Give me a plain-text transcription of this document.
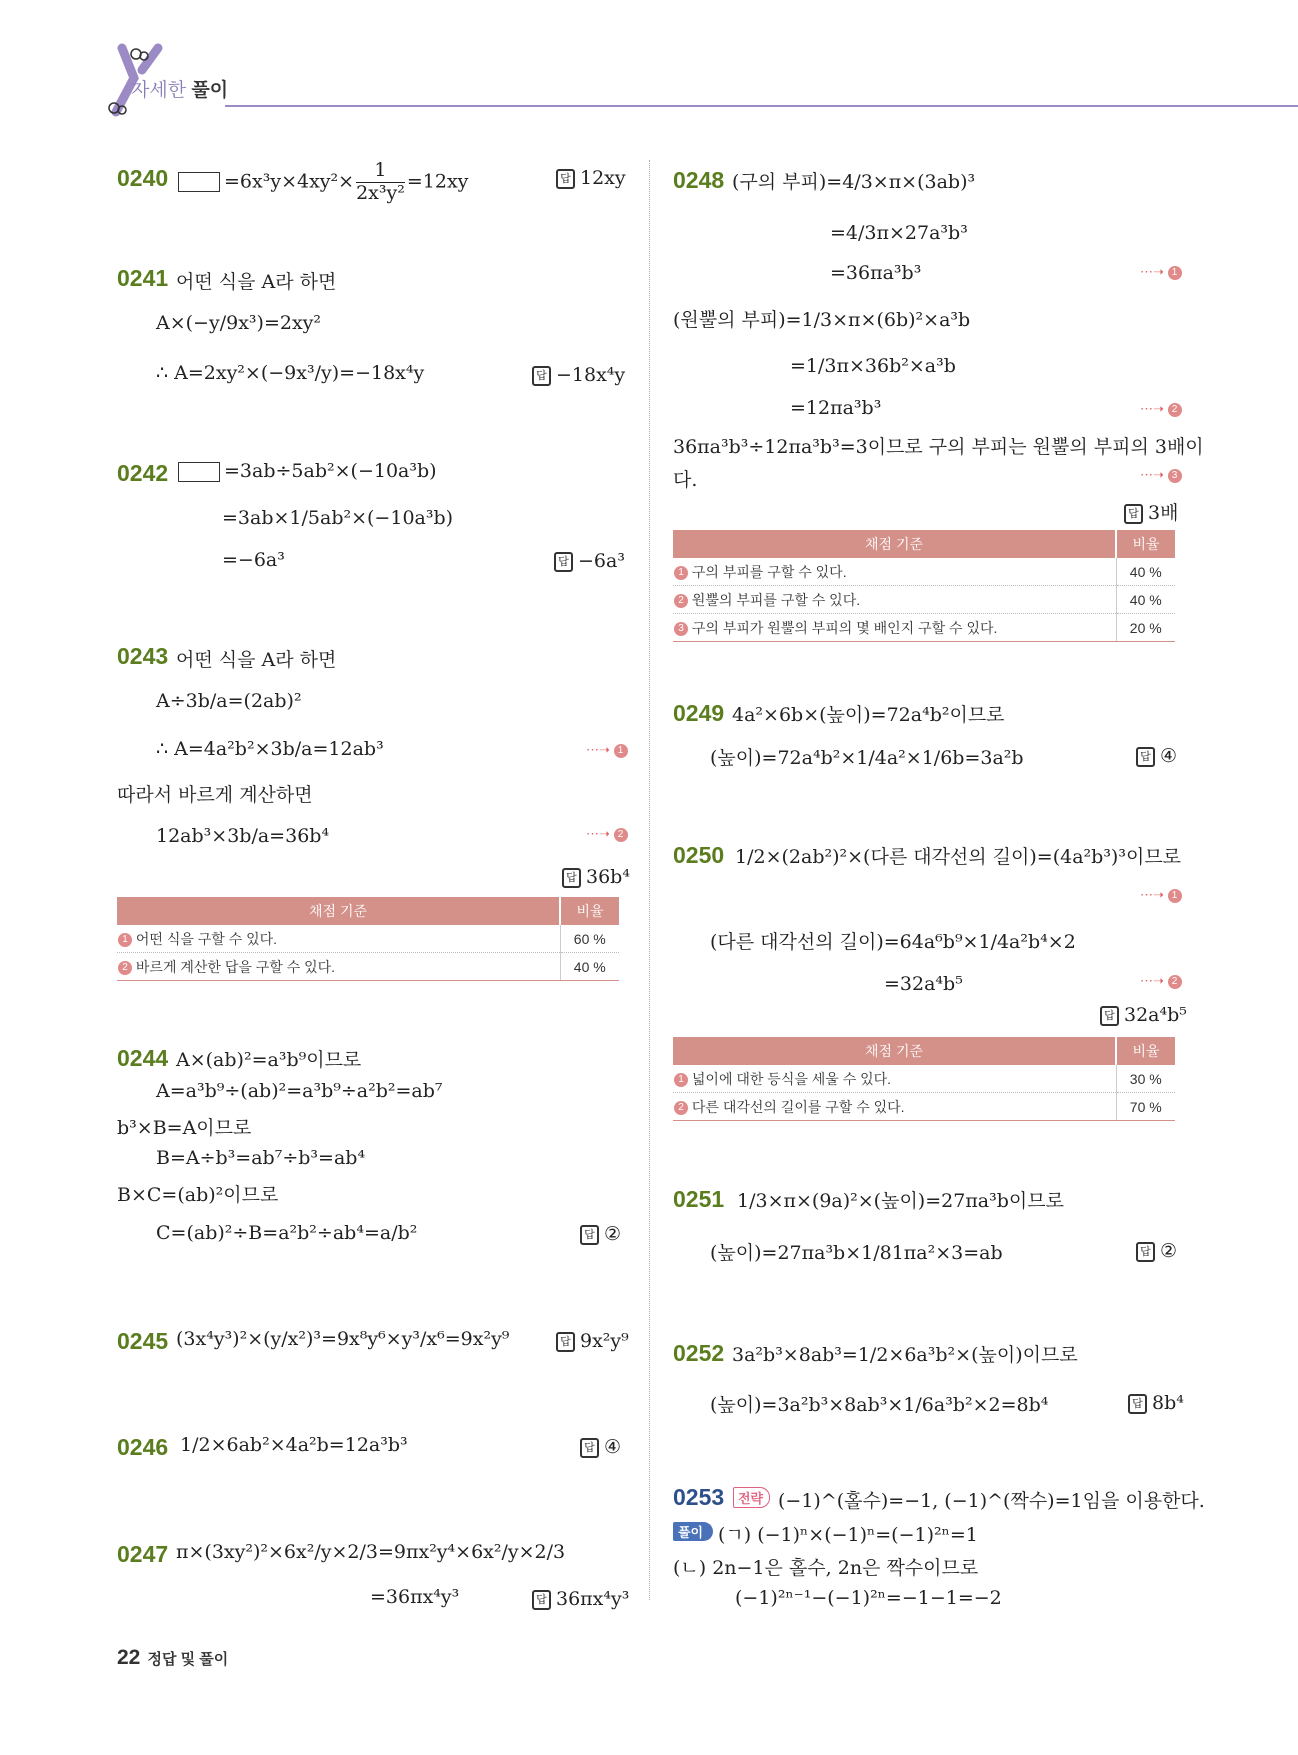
자세한 풀이
0240	$=6x^3y\times 4xy^2\times \frac{1}{\text{2x³y²}} =12xy$	답 12xy
0241 어떤 식을 A라 하면
A×(−y/9x³)=2xy²
∴ A=2xy²×(−9x³/y)=−18x⁴y	답 −18x⁴y
0242	=3ab÷5ab²×(−10a³b)
=3ab×1/5ab²×(−10a³b)
=−6a³	답 −6a³
0243 어떤 식을 A라 하면
A÷3b/a=(2ab)²
∴ A=4a²b²×3b/a=12ab³	⋯➝ 1
따라서 바르게 계산하면
12ab³×3b/a=36b⁴	⋯➝ 2
답 36b⁴
채점 기준	비율
1 어떤 식을 구할 수 있다.	60 %
2 바르게 계산한 답을 구할 수 있다.	40 %
0244 A×(ab)²=a³b⁹이므로
A=a³b⁹÷(ab)²=a³b⁹÷a²b²=ab⁷
b³×B=A이므로
B=A÷b³=ab⁷÷b³=ab⁴
B×C=(ab)²이므로
C=(ab)²÷B=a²b²÷ab⁴=a/b²	답 ②
0245 (3x⁴y³)²×(y/x²)³=9x⁸y⁶×y³/x⁶=9x²y⁹	답 9x²y⁹
0246 1/2×6ab²×4a²b=12a³b³	답 ④
0247 π×(3xy²)²×6x²/y×2/3=9πx²y⁴×6x²/y×2/3
=36πx⁴y³	답 36πx⁴y³
0248 (구의 부피)=4/3×π×(3ab)³
=4/3π×27a³b³
=36πa³b³	⋯➝ 1
(원뿔의 부피)=1/3×π×(6b)²×a³b
=1/3π×36b²×a³b
=12πa³b³	⋯➝ 2
36πa³b³÷12πa³b³=3이므로 구의 부피는 원뿔의 부피의 3배이
다.	⋯➝ 3
답 3배
채점 기준	비율
1 구의 부피를 구할 수 있다.	40 %
2 원뿔의 부피를 구할 수 있다.	40 %
3 구의 부피가 원뿔의 부피의 몇 배인지 구할 수 있다.	20 %
0249 4a²×6b×(높이)=72a⁴b²이므로
(높이)=72a⁴b²×1/4a²×1/6b=3a²b	답 ④
0250 1/2×(2ab²)²×(다른 대각선의 길이)=(4a²b³)³이므로
⋯➝ 1
(다른 대각선의 길이)=64a⁶b⁹×1/4a²b⁴×2
=32a⁴b⁵	⋯➝ 2
답 32a⁴b⁵
채점 기준	비율
1 넓이에 대한 등식을 세울 수 있다.	30 %
2 다른 대각선의 길이를 구할 수 있다.	70 %
0251 1/3×π×(9a)²×(높이)=27πa³b이므로
(높이)=27πa³b×1/81πa²×3=ab	답 ②
0252 3a²b³×8ab³=1/2×6a³b²×(높이)이므로
(높이)=3a²b³×8ab³×1/6a³b²×2=8b⁴	답 8b⁴
0253	전략 (−1)^(홀수)=−1, (−1)^(짝수)=1임을 이용한다.
풀이 (ㄱ) (−1)ⁿ×(−1)ⁿ=(−1)²ⁿ=1
(ㄴ) 2n−1은 홀수, 2n은 짝수이므로
(−1)²ⁿ⁻¹−(−1)²ⁿ=−1−1=−2
22 정답 및 풀이
